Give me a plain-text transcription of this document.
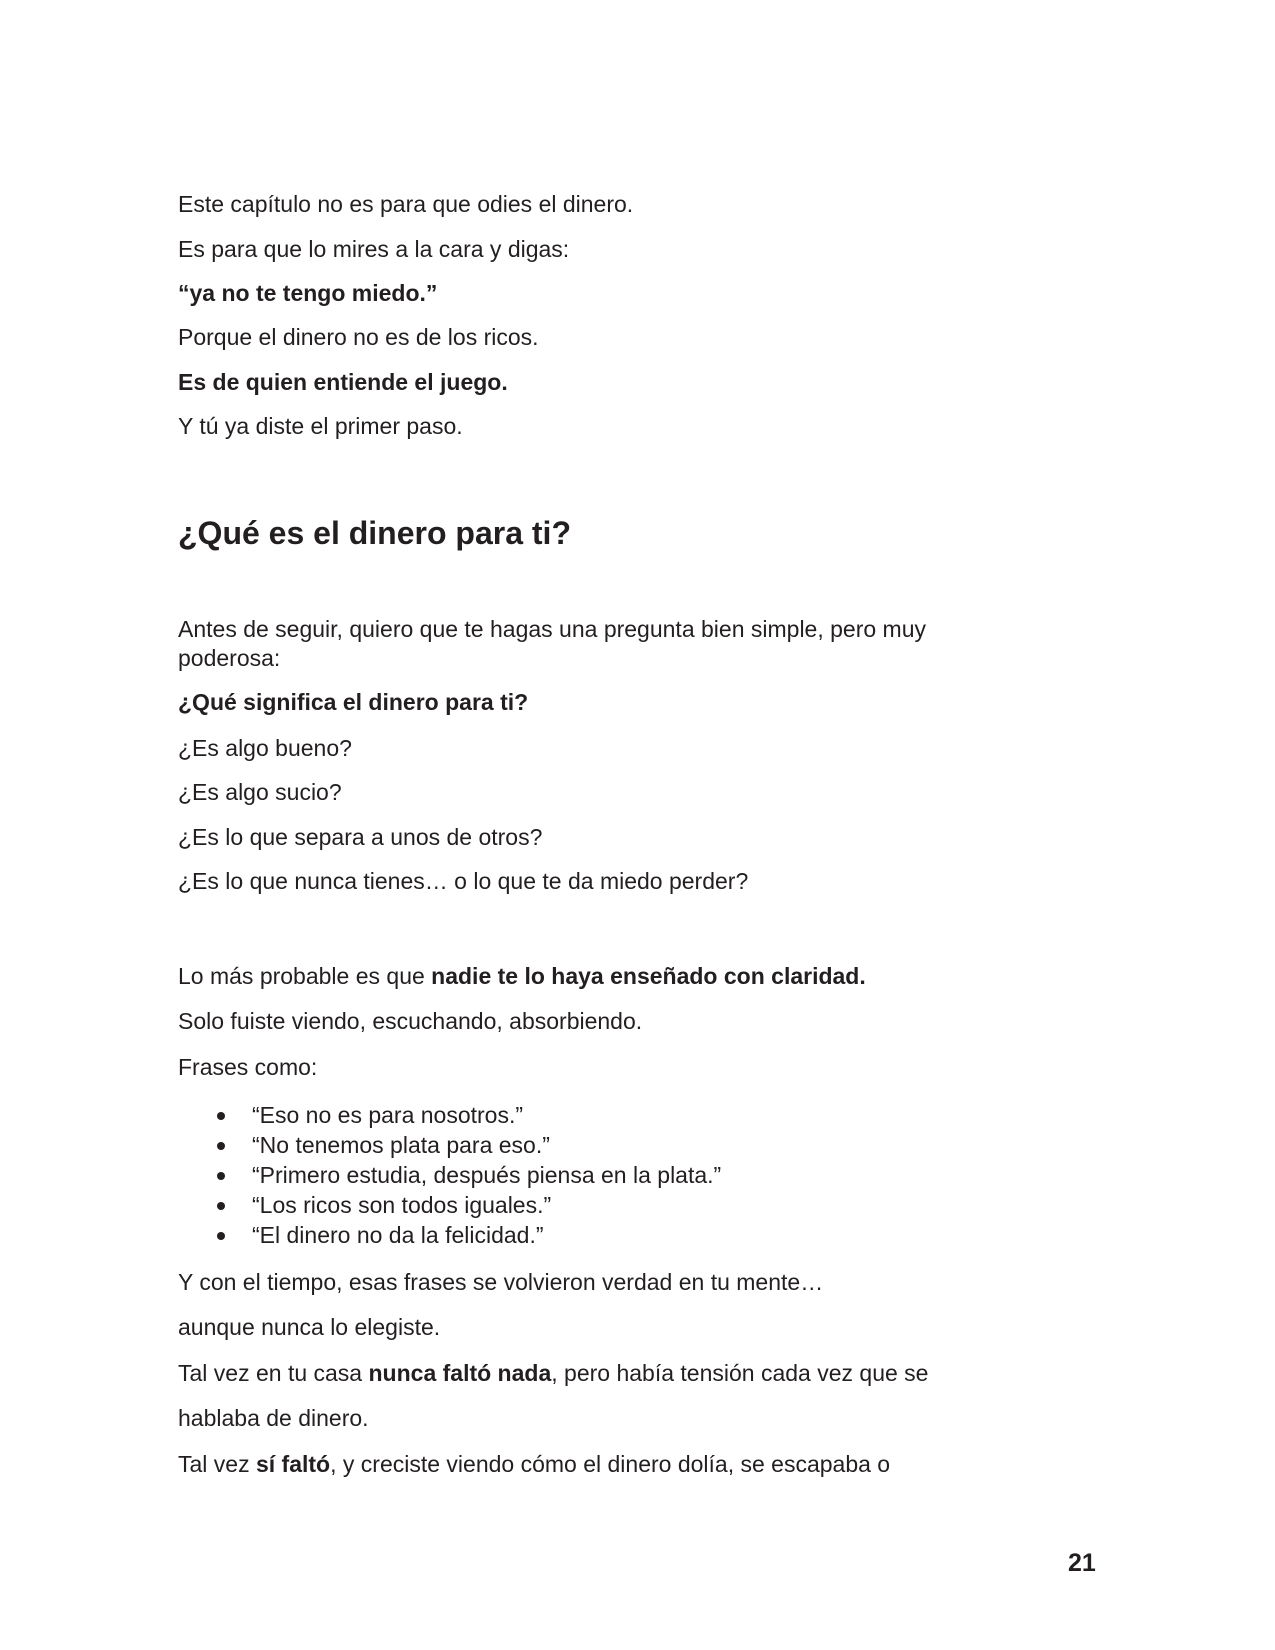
Este capítulo no es para que odies el dinero.

Es para que lo mires a la cara y digas:

“ya no te tengo miedo.”

Porque el dinero no es de los ricos.

Es de quien entiende el juego.

Y tú ya diste el primer paso.

¿Qué es el dinero para ti?

Antes de seguir, quiero que te hagas una pregunta bien simple, pero muy

poderosa:

¿Qué significa el dinero para ti?

¿Es algo bueno?

¿Es algo sucio?

¿Es lo que separa a unos de otros?

¿Es lo que nunca tienes… o lo que te da miedo perder?

Lo más probable es que nadie te lo haya enseñado con claridad.

Solo fuiste viendo, escuchando, absorbiendo.

Frases como:

“Eso no es para nosotros.”
“No tenemos plata para eso.”
“Primero estudia, después piensa en la plata.”
“Los ricos son todos iguales.”
“El dinero no da la felicidad.”

Y con el tiempo, esas frases se volvieron verdad en tu mente…

aunque nunca lo elegiste.

Tal vez en tu casa nunca faltó nada, pero había tensión cada vez que se

hablaba de dinero.

Tal vez sí faltó, y creciste viendo cómo el dinero dolía, se escapaba o

21
